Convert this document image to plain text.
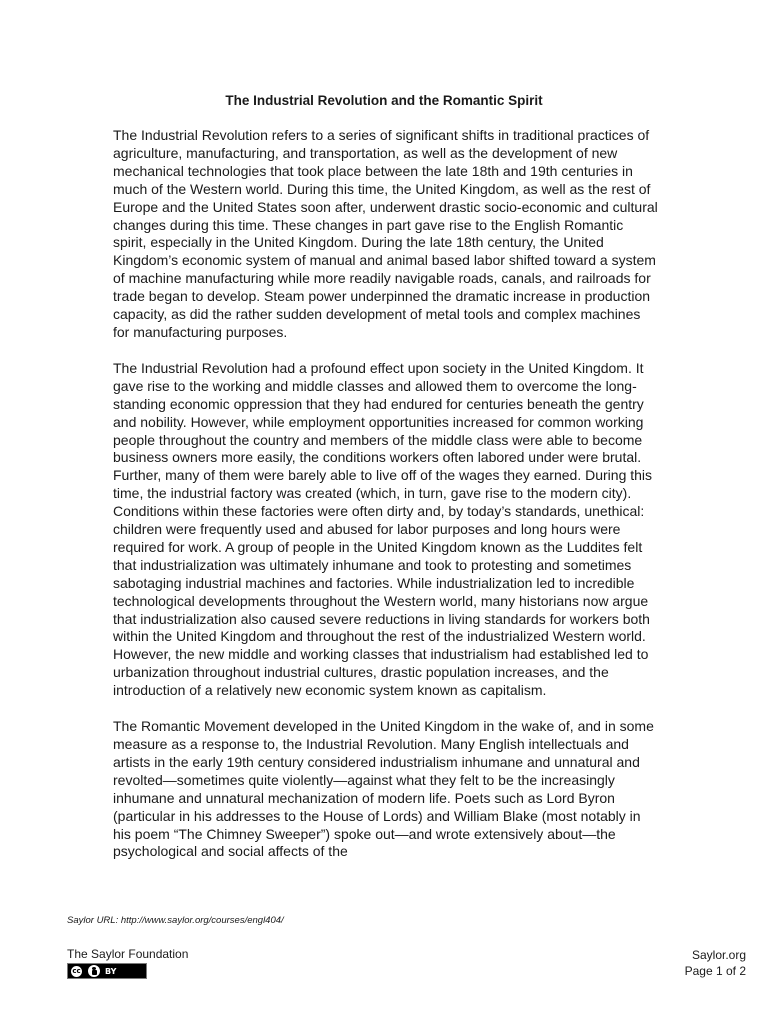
The Industrial Revolution and the Romantic Spirit

The Industrial Revolution refers to a series of significant shifts in traditional practices of agriculture, manufacturing, and transportation, as well as the development of new mechanical technologies that took place between the late 18th and 19th centuries in much of the Western world. During this time, the United Kingdom, as well as the rest of Europe and the United States soon after, underwent drastic socio-economic and cultural changes during this time. These changes in part gave rise to the English Romantic spirit, especially in the United Kingdom. During the late 18th century, the United Kingdom’s economic system of manual and animal based labor shifted toward a system of machine manufacturing while more readily navigable roads, canals, and railroads for trade began to develop. Steam power underpinned the dramatic increase in production capacity, as did the rather sudden development of metal tools and complex machines for manufacturing purposes.

The Industrial Revolution had a profound effect upon society in the United Kingdom. It gave rise to the working and middle classes and allowed them to overcome the long-standing economic oppression that they had endured for centuries beneath the gentry and nobility. However, while employment opportunities increased for common working people throughout the country and members of the middle class were able to become business owners more easily, the conditions workers often labored under were brutal. Further, many of them were barely able to live off of the wages they earned. During this time, the industrial factory was created (which, in turn, gave rise to the modern city). Conditions within these factories were often dirty and, by today’s standards, unethical: children were frequently used and abused for labor purposes and long hours were required for work. A group of people in the United Kingdom known as the Luddites felt that industrialization was ultimately inhumane and took to protesting and sometimes sabotaging industrial machines and factories. While industrialization led to incredible technological developments throughout the Western world, many historians now argue that industrialization also caused severe reductions in living standards for workers both within the United Kingdom and throughout the rest of the industrialized Western world. However, the new middle and working classes that industrialism had established led to urbanization throughout industrial cultures, drastic population increases, and the introduction of a relatively new economic system known as capitalism.

The Romantic Movement developed in the United Kingdom in the wake of, and in some measure as a response to, the Industrial Revolution. Many English intellectuals and artists in the early 19th century considered industrialism inhumane and unnatural and revolted—sometimes quite violently—against what they felt to be the increasingly inhumane and unnatural mechanization of modern life. Poets such as Lord Byron (particular in his addresses to the House of Lords) and William Blake (most notably in his poem “The Chimney Sweeper”) spoke out—and wrote extensively about—the psychological and social affects of the

Saylor URL: http://www.saylor.org/courses/engl404/
The Saylor Foundation
cc	BY
Saylor.org
Page 1 of 2
